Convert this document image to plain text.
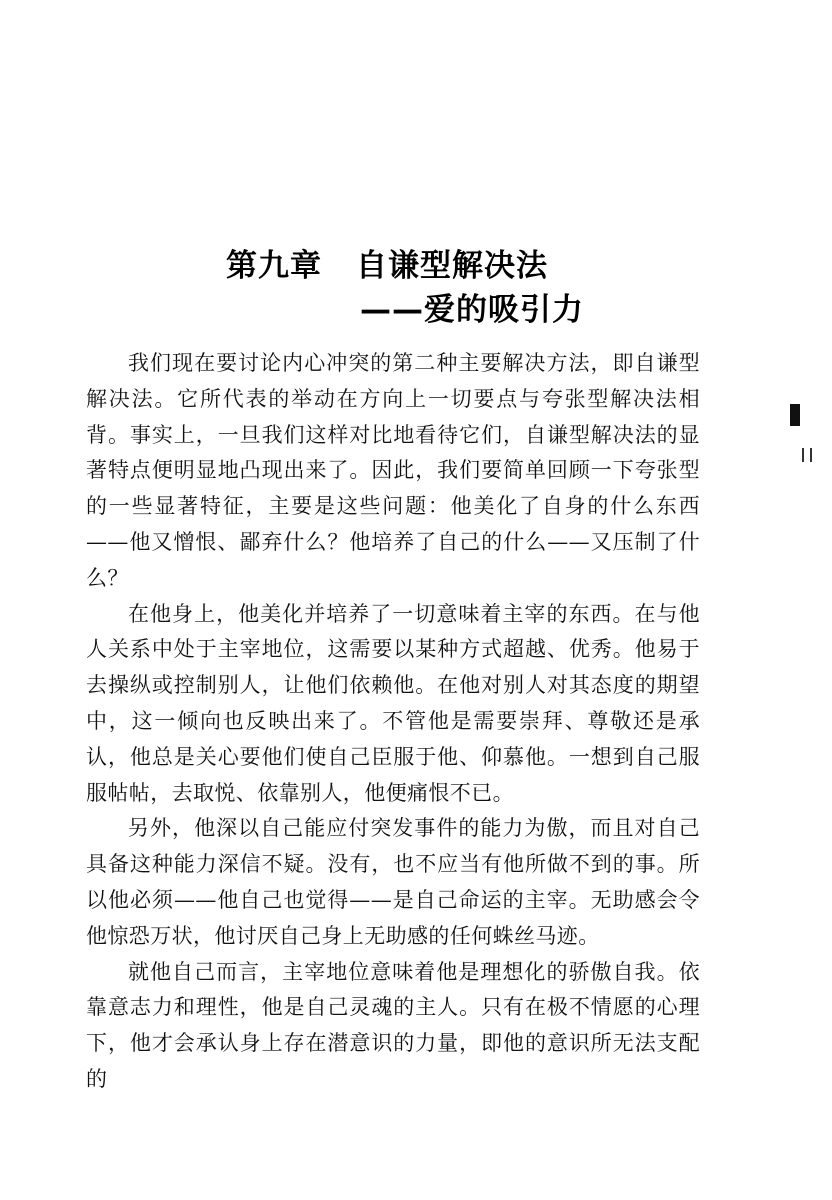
第九章 自谦型解决法
——爱的吸引力

我们现在要讨论内心冲突的第二种主要解决方法，即自谦型解决法。它所代表的举动在方向上一切要点与夸张型解决法相背。事实上，一旦我们这样对比地看待它们，自谦型解决法的显著特点便明显地凸现出来了。因此，我们要简单回顾一下夸张型的一些显著特征，主要是这些问题：他美化了自身的什么东西——他又憎恨、鄙弃什么？他培养了自己的什么——又压制了什么？

在他身上，他美化并培养了一切意味着主宰的东西。在与他人关系中处于主宰地位，这需要以某种方式超越、优秀。他易于去操纵或控制别人，让他们依赖他。在他对别人对其态度的期望中，这一倾向也反映出来了。不管他是需要崇拜、尊敬还是承认，他总是关心要他们使自己臣服于他、仰慕他。一想到自己服服帖帖，去取悦、依靠别人，他便痛恨不已。

另外，他深以自己能应付突发事件的能力为傲，而且对自己具备这种能力深信不疑。没有，也不应当有他所做不到的事。所以他必须——他自己也觉得——是自己命运的主宰。无助感会令他惊恐万状，他讨厌自己身上无助感的任何蛛丝马迹。

就他自己而言，主宰地位意味着他是理想化的骄傲自我。依靠意志力和理性，他是自己灵魂的主人。只有在极不情愿的心理下，他才会承认身上存在潜意识的力量，即他的意识所无法支配的
